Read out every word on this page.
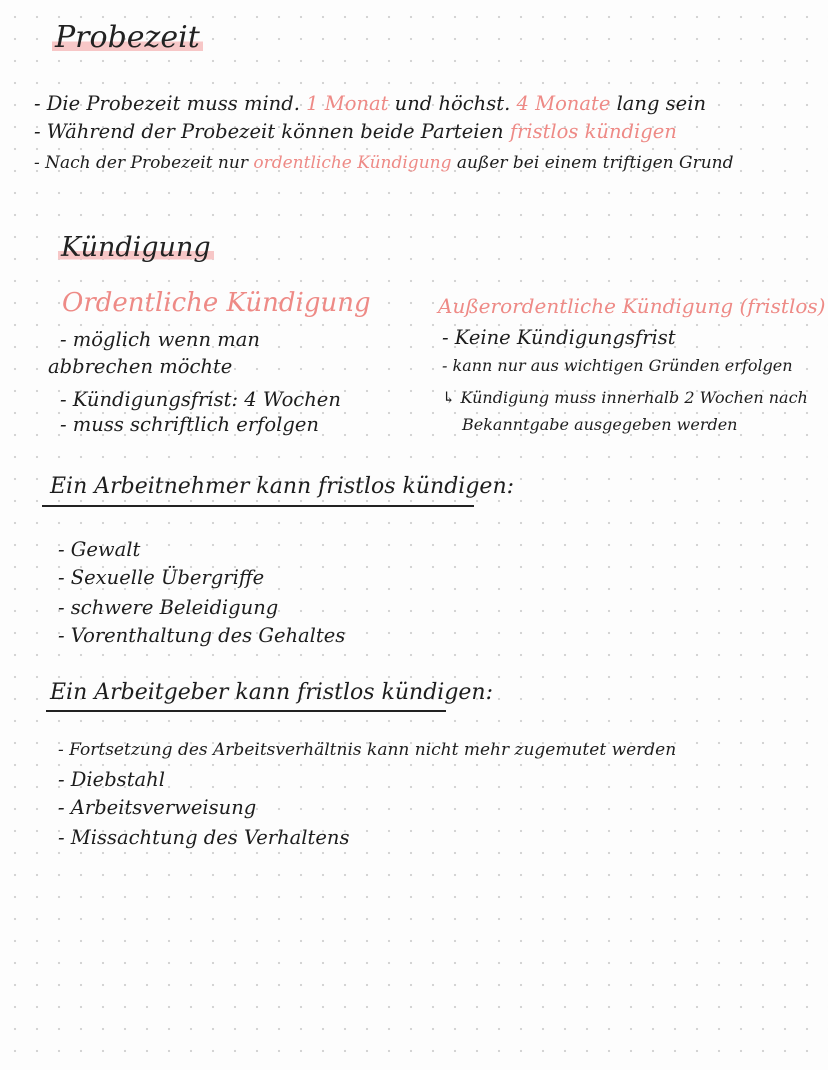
Probezeit
- Die Probezeit muss mind. 1 Monat und höchst. 4 Monate lang sein
- Während der Probezeit können beide Parteien fristlos kündigen
- Nach der Probezeit nur ordentliche Kündigung außer bei einem triftigen Grund
Kündigung
Ordentliche Kündigung
- möglich wenn man
abbrechen möchte
- Kündigungsfrist: 4 Wochen
- muss schriftlich erfolgen
Außerordentliche Kündigung (fristlos)
- Keine Kündigungsfrist
- kann nur aus wichtigen Gründen erfolgen
↳ Kündigung muss innerhalb 2 Wochen nach
Bekanntgabe ausgegeben werden
Ein Arbeitnehmer kann fristlos kündigen:
- Gewalt
- Sexuelle Übergriffe
- schwere Beleidigung
- Vorenthaltung des Gehaltes
Ein Arbeitgeber kann fristlos kündigen:
- Fortsetzung des Arbeitsverhältnis kann nicht mehr zugemutet werden
- Diebstahl
- Arbeitsverweisung
- Missachtung des Verhaltens
